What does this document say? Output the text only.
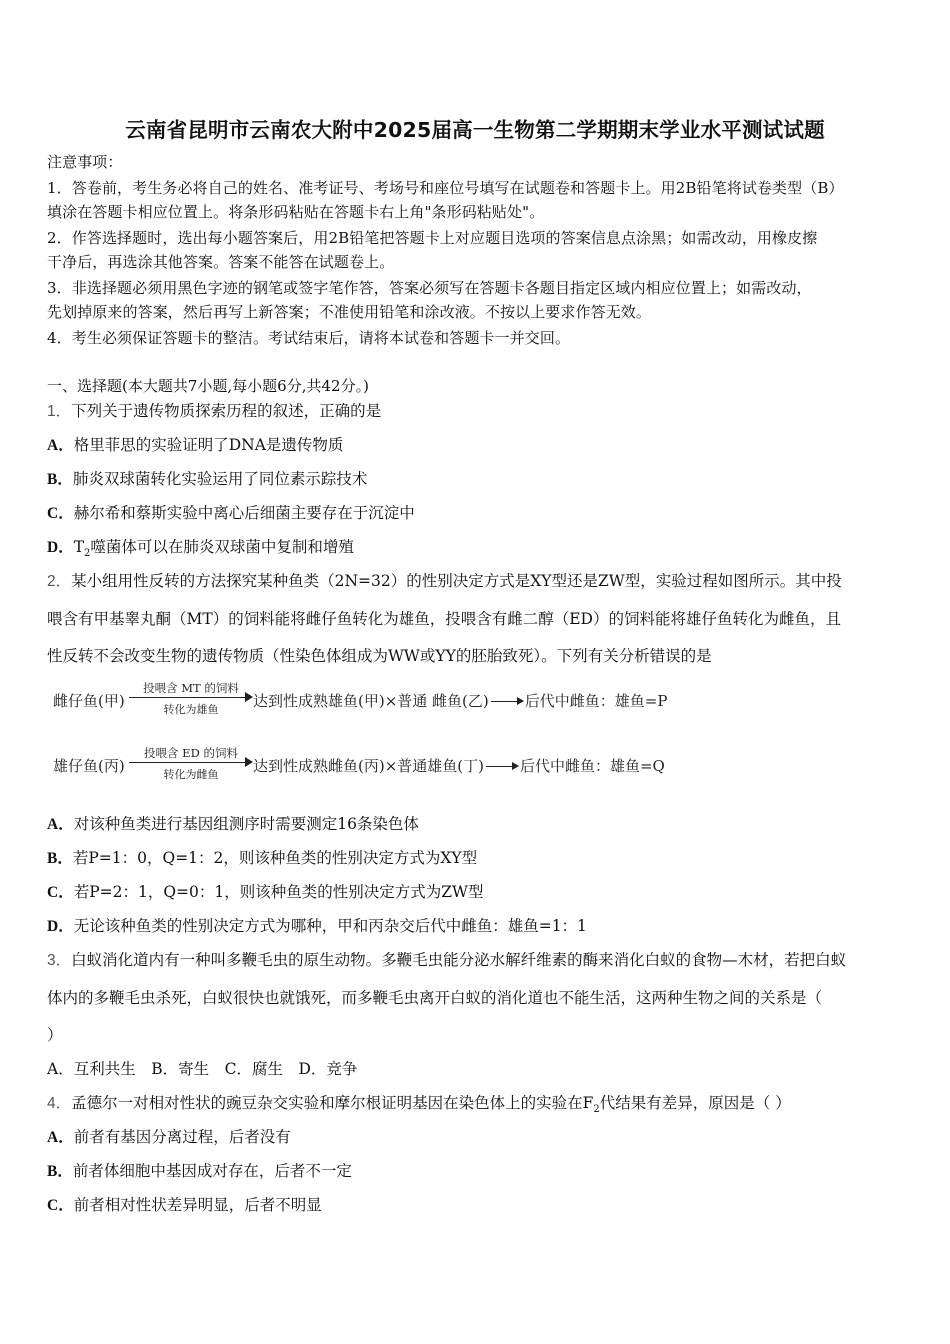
云南省昆明市云南农大附中2025届高一生物第二学期期末学业水平测试试题
注意事项：
1．答卷前，考生务必将自己的姓名、准考证号、考场号和座位号填写在试题卷和答题卡上。用2B铅笔将试卷类型（B）
填涂在答题卡相应位置上。将条形码粘贴在答题卡右上角"条形码粘贴处"。
2．作答选择题时，选出每小题答案后，用2B铅笔把答题卡上对应题目选项的答案信息点涂黑；如需改动，用橡皮擦
干净后，再选涂其他答案。答案不能答在试题卷上。
3．非选择题必须用黑色字迹的钢笔或签字笔作答，答案必须写在答题卡各题目指定区域内相应位置上；如需改动，
先划掉原来的答案，然后再写上新答案；不准使用铅笔和涂改液。不按以上要求作答无效。
4．考生必须保证答题卡的整洁。考试结束后，请将本试卷和答题卡一并交回。
一、选择题(本大题共7小题,每小题6分,共42分。)
1．下列关于遗传物质探索历程的叙述，正确的是
A．格里菲思的实验证明了DNA是遗传物质
B．肺炎双球菌转化实验运用了同位素示踪技术
C．赫尔希和蔡斯实验中离心后细菌主要存在于沉淀中
D．$T_2$噬菌体可以在肺炎双球菌中复制和增殖
2．某小组用性反转的方法探究某种鱼类（2N=32）的性别决定方式是XY型还是ZW型，实验过程如图所示。其中投
喂含有甲基睾丸酮（MT）的饲料能将雌仔鱼转化为雄鱼，投喂含有雌二醇（ED）的饲料能将雄仔鱼转化为雌鱼，且
性反转不会改变生物的遗传物质（性染色体组成为WW或YY的胚胎致死）。下列有关分析错误的是
雌仔鱼(甲)
投喂含 MT 的饲料
转化为雄鱼	达到性成熟雄鱼(甲)×普通 雌鱼(乙) 后代中雌鱼：雄鱼=P
雄仔鱼(丙)
投喂含 ED 的饲料
转化为雌鱼	达到性成熟雌鱼(丙)×普通雄鱼(丁) 后代中雌鱼：雄鱼=Q
A．对该种鱼类进行基因组测序时需要测定16条染色体
B．若P=1：0，Q=1：2，则该种鱼类的性别决定方式为XY型
C．若P=2：1，Q=0：1，则该种鱼类的性别决定方式为ZW型
D．无论该种鱼类的性别决定方式为哪种，甲和丙杂交后代中雌鱼：雄鱼=1：1
3．白蚁消化道内有一种叫多鞭毛虫的原生动物。多鞭毛虫能分泌水解纤维素的酶来消化白蚁的食物—木材，若把白蚁
体内的多鞭毛虫杀死，白蚁很快也就饿死，而多鞭毛虫离开白蚁的消化道也不能生活，这两种生物之间的关系是（
）
A．互利共生　B．寄生　C．腐生　D．竞争
4．孟德尔一对相对性状的豌豆杂交实验和摩尔根证明基因在染色体上的实验在$F_2$代结果有差异，原因是（ ）
A．前者有基因分离过程，后者没有
B．前者体细胞中基因成对存在，后者不一定
C．前者相对性状差异明显，后者不明显
